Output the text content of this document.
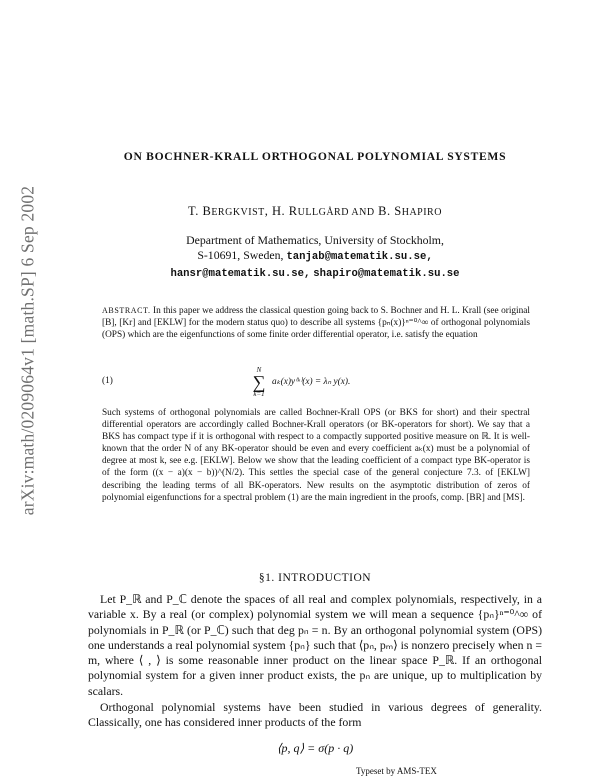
arXiv:math/0209064v1 [math.SP] 6 Sep 2002
ON BOCHNER-KRALL ORTHOGONAL POLYNOMIAL SYSTEMS
T. BERGKVIST, H. RULLGÅRD AND B. SHAPIRO
Department of Mathematics, University of Stockholm,
S-10691, Sweden, tanjab@matematik.su.se,
hansr@matematik.su.se, shapiro@matematik.su.se

ABSTRACT. In this paper we address the classical question going back to S. Bochner and H. L. Krall (see original [B], [Kr] and [EKLW] for the modern status quo) to describe all systems {pₙ(x)}ⁿ⁼⁰^∞ of orthogonal polynomials (OPS) which are the eigenfunctions of some finite order differential operator, i.e. satisfy the equation

(1)
N
∑
k=1
aₖ(x)y⁽ᵏ⁾(x) = λₙ y(x).

Such systems of orthogonal polynomials are called Bochner-Krall OPS (or BKS for short) and their spectral differential operators are accordingly called Bochner-Krall operators (or BK-operators for short). We say that a BKS has compact type if it is orthogonal with respect to a compactly supported positive measure on ℝ. It is well-known that the order N of any BK-operator should be even and every coefficient aₖ(x) must be a polynomial of degree at most k, see e.g. [EKLW]. Below we show that the leading coefficient of a compact type BK-operator is of the form ((x − a)(x − b))^(N/2). This settles the special case of the general conjecture 7.3. of [EKLW] describing the leading terms of all BK-operators. New results on the asymptotic distribution of zeros of polynomial eigenfunctions for a spectral problem (1) are the main ingredient in the proofs, comp. [BR] and [MS].

§1. INTRODUCTION

Let P_ℝ and P_ℂ denote the spaces of all real and complex polynomials, respectively, in a variable x. By a real (or complex) polynomial system we will mean a sequence {pₙ}ⁿ⁼⁰^∞ of polynomials in P_ℝ (or P_ℂ) such that deg pₙ = n. By an orthogonal polynomial system (OPS) one understands a real polynomial system {pₙ} such that ⟨pₙ, pₘ⟩ is nonzero precisely when n = m, where ⟨ , ⟩ is some reasonable inner product on the linear space P_ℝ. If an orthogonal polynomial system for a given inner product exists, the pₙ are unique, up to multiplication by scalars.

Orthogonal polynomial systems have been studied in various degrees of generality. Classically, one has considered inner products of the form

⟨p, q⟩ = σ(p · q)
Typeset by AMS-TEX
